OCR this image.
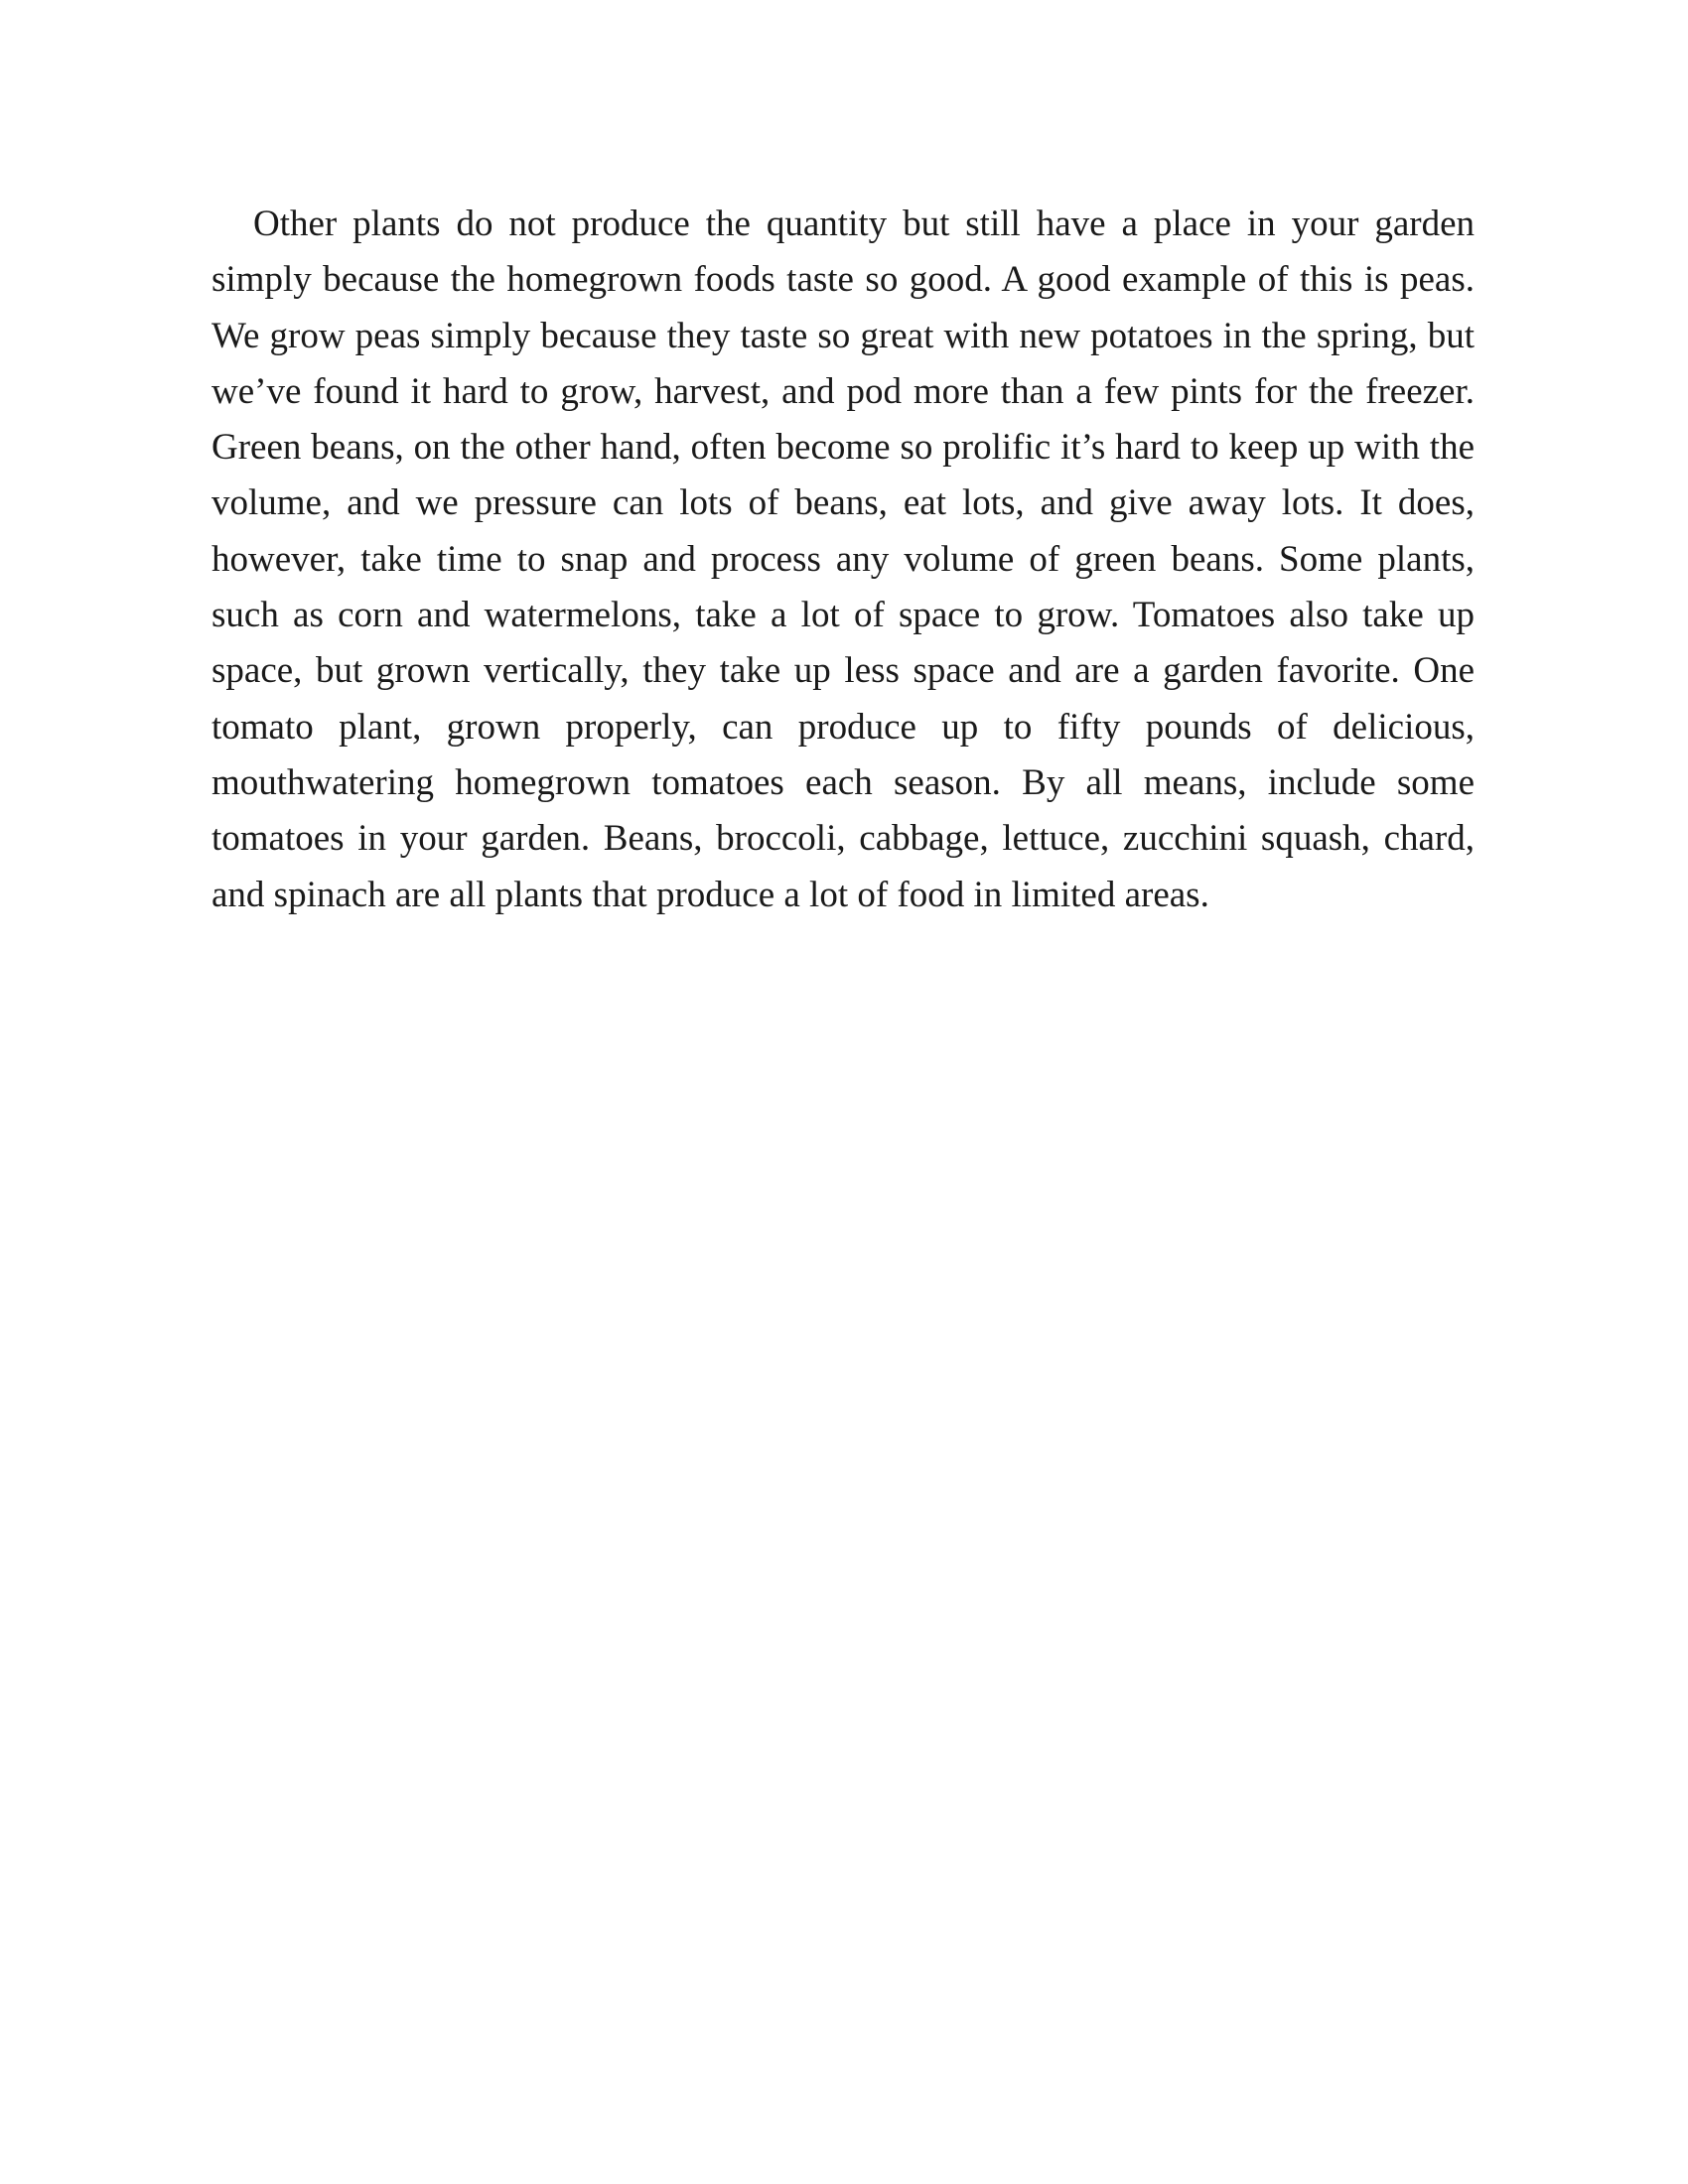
Other plants do not produce the quantity but still have a place in your garden simply because the homegrown foods taste so good. A good example of this is peas. We grow peas simply because they taste so great with new potatoes in the spring, but we’ve found it hard to grow, harvest, and pod more than a few pints for the freezer. Green beans, on the other hand, often become so prolific it’s hard to keep up with the volume, and we pressure can lots of beans, eat lots, and give away lots. It does, however, take time to snap and process any volume of green beans. Some plants, such as corn and watermelons, take a lot of space to grow. Tomatoes also take up space, but grown vertically, they take up less space and are a garden favorite. One tomato plant, grown properly, can produce up to fifty pounds of delicious, mouthwatering homegrown tomatoes each season. By all means, include some tomatoes in your garden. Beans, broccoli, cabbage, lettuce, zucchini squash, chard, and spinach are all plants that produce a lot of food in limited areas.
